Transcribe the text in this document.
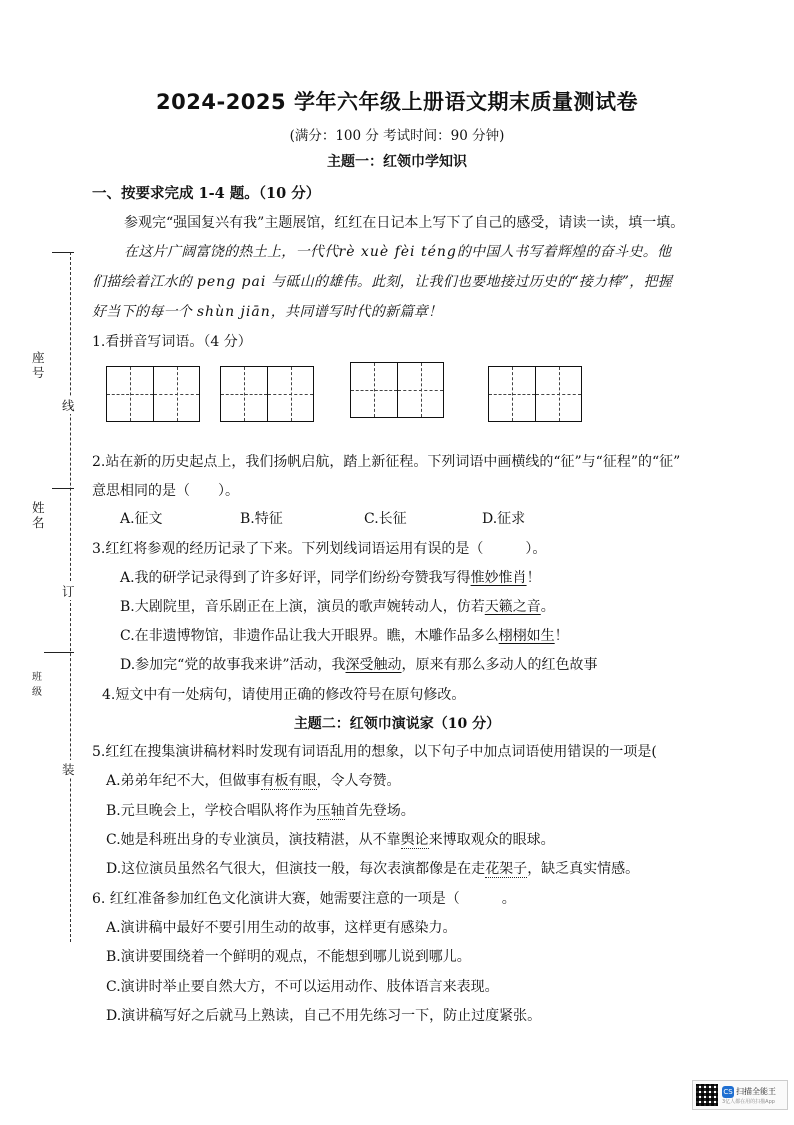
座号
姓名
班级
线
订
装
2024-2025 学年六年级上册语文期末质量测试卷
(满分：100 分 考试时间：90 分钟)
主题一：红领巾学知识
一、按要求完成 1-4 题。（10 分）
参观完“强国复兴有我”主题展馆，红红在日记本上写下了自己的感受，请读一读，填一填。
在这片广阔富饶的热土上，一代代rè xuè fèi téng的中国人书写着辉煌的奋斗史。他
们描绘着江水的 peng pai 与砥山的雄伟。此刻，让我们也要地接过历史的“接力棒”，把握
好当下的每一个 shùn jiān，共同谱写时代的新篇章！
1.看拼音写词语。（4 分）
2.站在新的历史起点上，我们扬帆启航，踏上新征程。下列词语中画横线的“征”与“征程”的“征”
意思相同的是（　　）。
A.征文	B.特征	C.长征	D.征求
3.红红将参观的经历记录了下来。下列划线词语运用有误的是（　　　）。
A.我的研学记录得到了许多好评，同学们纷纷夸赞我写得惟妙惟肖！
B.大剧院里，音乐剧正在上演，演员的歌声婉转动人，仿若天籁之音。
C.在非遗博物馆，非遗作品让我大开眼界。瞧，木雕作品多么栩栩如生！
D.参加完“党的故事我来讲”活动，我深受触动，原来有那么多动人的红色故事
4.短文中有一处病句，请使用正确的修改符号在原句修改。
主题二：红领巾演说家（10 分）
5.红红在搜集演讲稿材料时发现有词语乱用的想象，以下句子中加点词语使用错误的一项是(
A.弟弟年纪不大，但做事有板有眼，令人夸赞。
B.元旦晚会上，学校合唱队将作为压轴首先登场。
C.她是科班出身的专业演员，演技精湛，从不靠舆论来博取观众的眼球。
D.这位演员虽然名气很大，但演技一般，每次表演都像是在走花架子，缺乏真实情感。
6. 红红准备参加红色文化演讲大赛，她需要注意的一项是（　　　。
A.演讲稿中最好不要引用生动的故事，这样更有感染力。
B.演讲要围绕着一个鲜明的观点，不能想到哪儿说到哪儿。
C.演讲时举止要自然大方，不可以运用动作、肢体语言来表现。
D.演讲稿写好之后就马上熟读，自己不用先练习一下，防止过度紧张。
CS 扫描全能王
3亿人都在用的扫描App
